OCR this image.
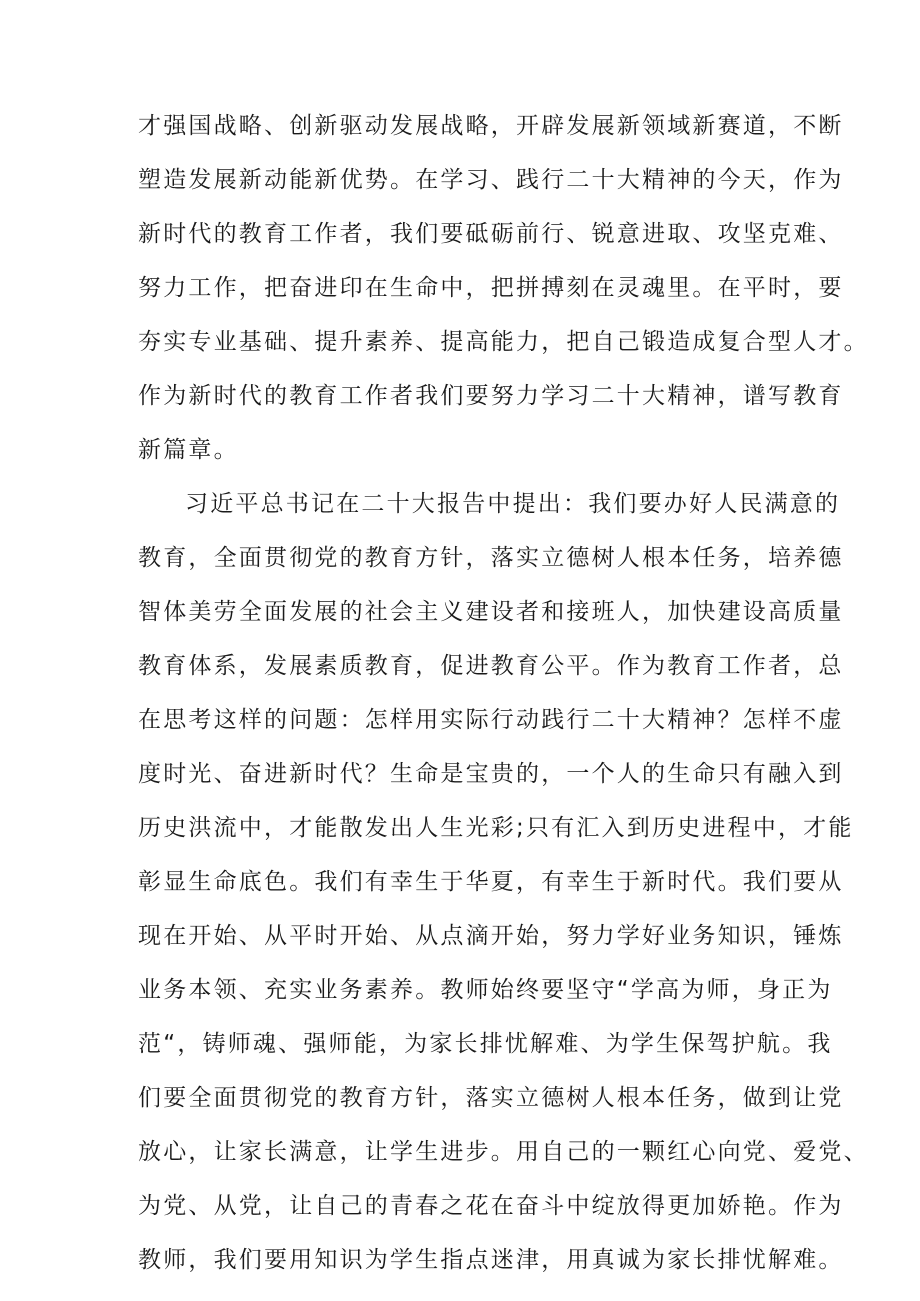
才强国战略、创新驱动发展战略，开辟发展新领域新赛道，不断
塑造发展新动能新优势。在学习、践行二十大精神的今天，作为
新时代的教育工作者，我们要砥砺前行、锐意进取、攻坚克难、
努力工作，把奋进印在生命中，把拼搏刻在灵魂里。在平时，要
夯实专业基础、提升素养、提高能力，把自己锻造成复合型人才。
作为新时代的教育工作者我们要努力学习二十大精神，谱写教育
新篇章。
习近平总书记在二十大报告中提出：我们要办好人民满意的
教育，全面贯彻党的教育方针，落实立德树人根本任务，培养德
智体美劳全面发展的社会主义建设者和接班人，加快建设高质量
教育体系，发展素质教育，促进教育公平。作为教育工作者，总
在思考这样的问题：怎样用实际行动践行二十大精神？怎样不虚
度时光、奋进新时代？生命是宝贵的，一个人的生命只有融入到
历史洪流中，才能散发出人生光彩;只有汇入到历史进程中，才能
彰显生命底色。我们有幸生于华夏，有幸生于新时代。我们要从
现在开始、从平时开始、从点滴开始，努力学好业务知识，锤炼
业务本领、充实业务素养。教师始终要坚守“学高为师，身正为
范“，铸师魂、强师能，为家长排忧解难、为学生保驾护航。我
们要全面贯彻党的教育方针，落实立德树人根本任务，做到让党
放心，让家长满意，让学生进步。用自己的一颗红心向党、爱党、
为党、从党，让自己的青春之花在奋斗中绽放得更加娇艳。作为
教师，我们要用知识为学生指点迷津，用真诚为家长排忧解难。
